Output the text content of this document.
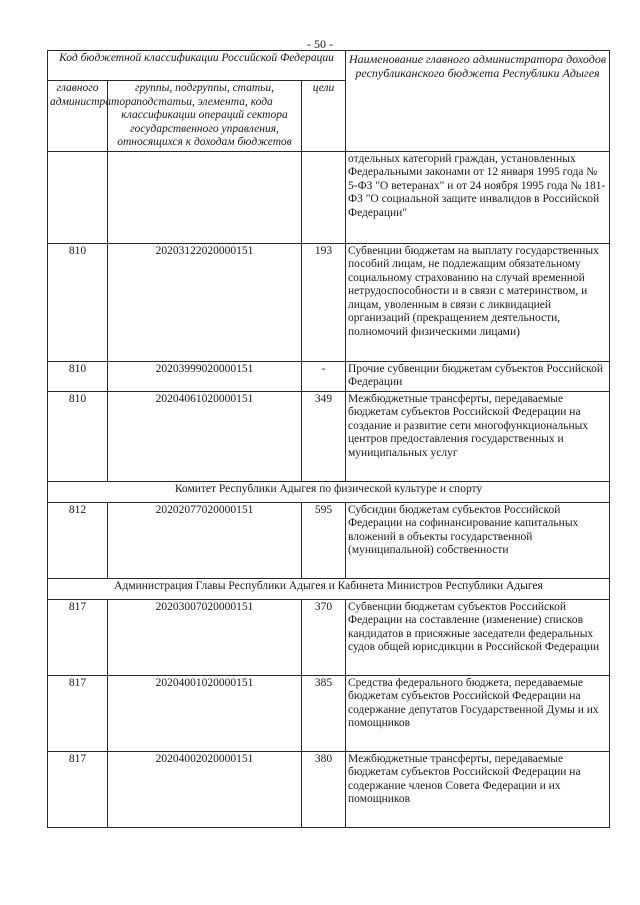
- 50 -
Код бюджетной классификации Российской Федерации			Наименование главного администратора доходов республиканского бюджета Республики Адыгея
главного администратора	группы, подгруппы, статьи, подстатьи, элемента, кода классификации операций сектора государственного управления, относящихся к доходам бюджетов	цели	
			отдельных категорий граждан, установленных Федеральными законами от 12 января 1995 года № 5-ФЗ "О ветеранах" и от 24 ноября 1995 года № 181-ФЗ "О социальной защите инвалидов в Российской Федерации"
810	20203122020000151	193	Субвенции бюджетам на выплату государственных пособий лицам, не подлежащим обязательному социальному страхованию на случай временной нетрудоспособности и в связи с материнством, и лицам, уволенным в связи с ликвидацией организаций (прекращением деятельности, полномочий физическими лицами)
810	20203999020000151	-	Прочие субвенции бюджетам субъектов Российской Федерации
810	20204061020000151	349	Межбюджетные трансферты, передаваемые бюджетам субъектов Российской Федерации на создание и развитие сети многофункциональных центров предоставления государственных и муниципальных услуг
Комитет Республики Адыгея по физической культуре и спорту			
812	20202077020000151	595	Субсидии бюджетам субъектов Российской Федерации на софинансирование капитальных вложений в объекты государственной (муниципальной) собственности
Администрация Главы Республики Адыгея и Кабинета Министров Республики Адыгея			
817	20203007020000151	370	Субвенции бюджетам субъектов Российской Федерации на составление (изменение) списков кандидатов в присяжные заседатели федеральных судов общей юрисдикции в Российской Федерации
817	20204001020000151	385	Средства федерального бюджета, передаваемые бюджетам субъектов Российской Федерации на содержание депутатов Государственной Думы и их помощников
817	20204002020000151	380	Межбюджетные трансферты, передаваемые бюджетам субъектов Российской Федерации на содержание членов Совета Федерации и их помощников
